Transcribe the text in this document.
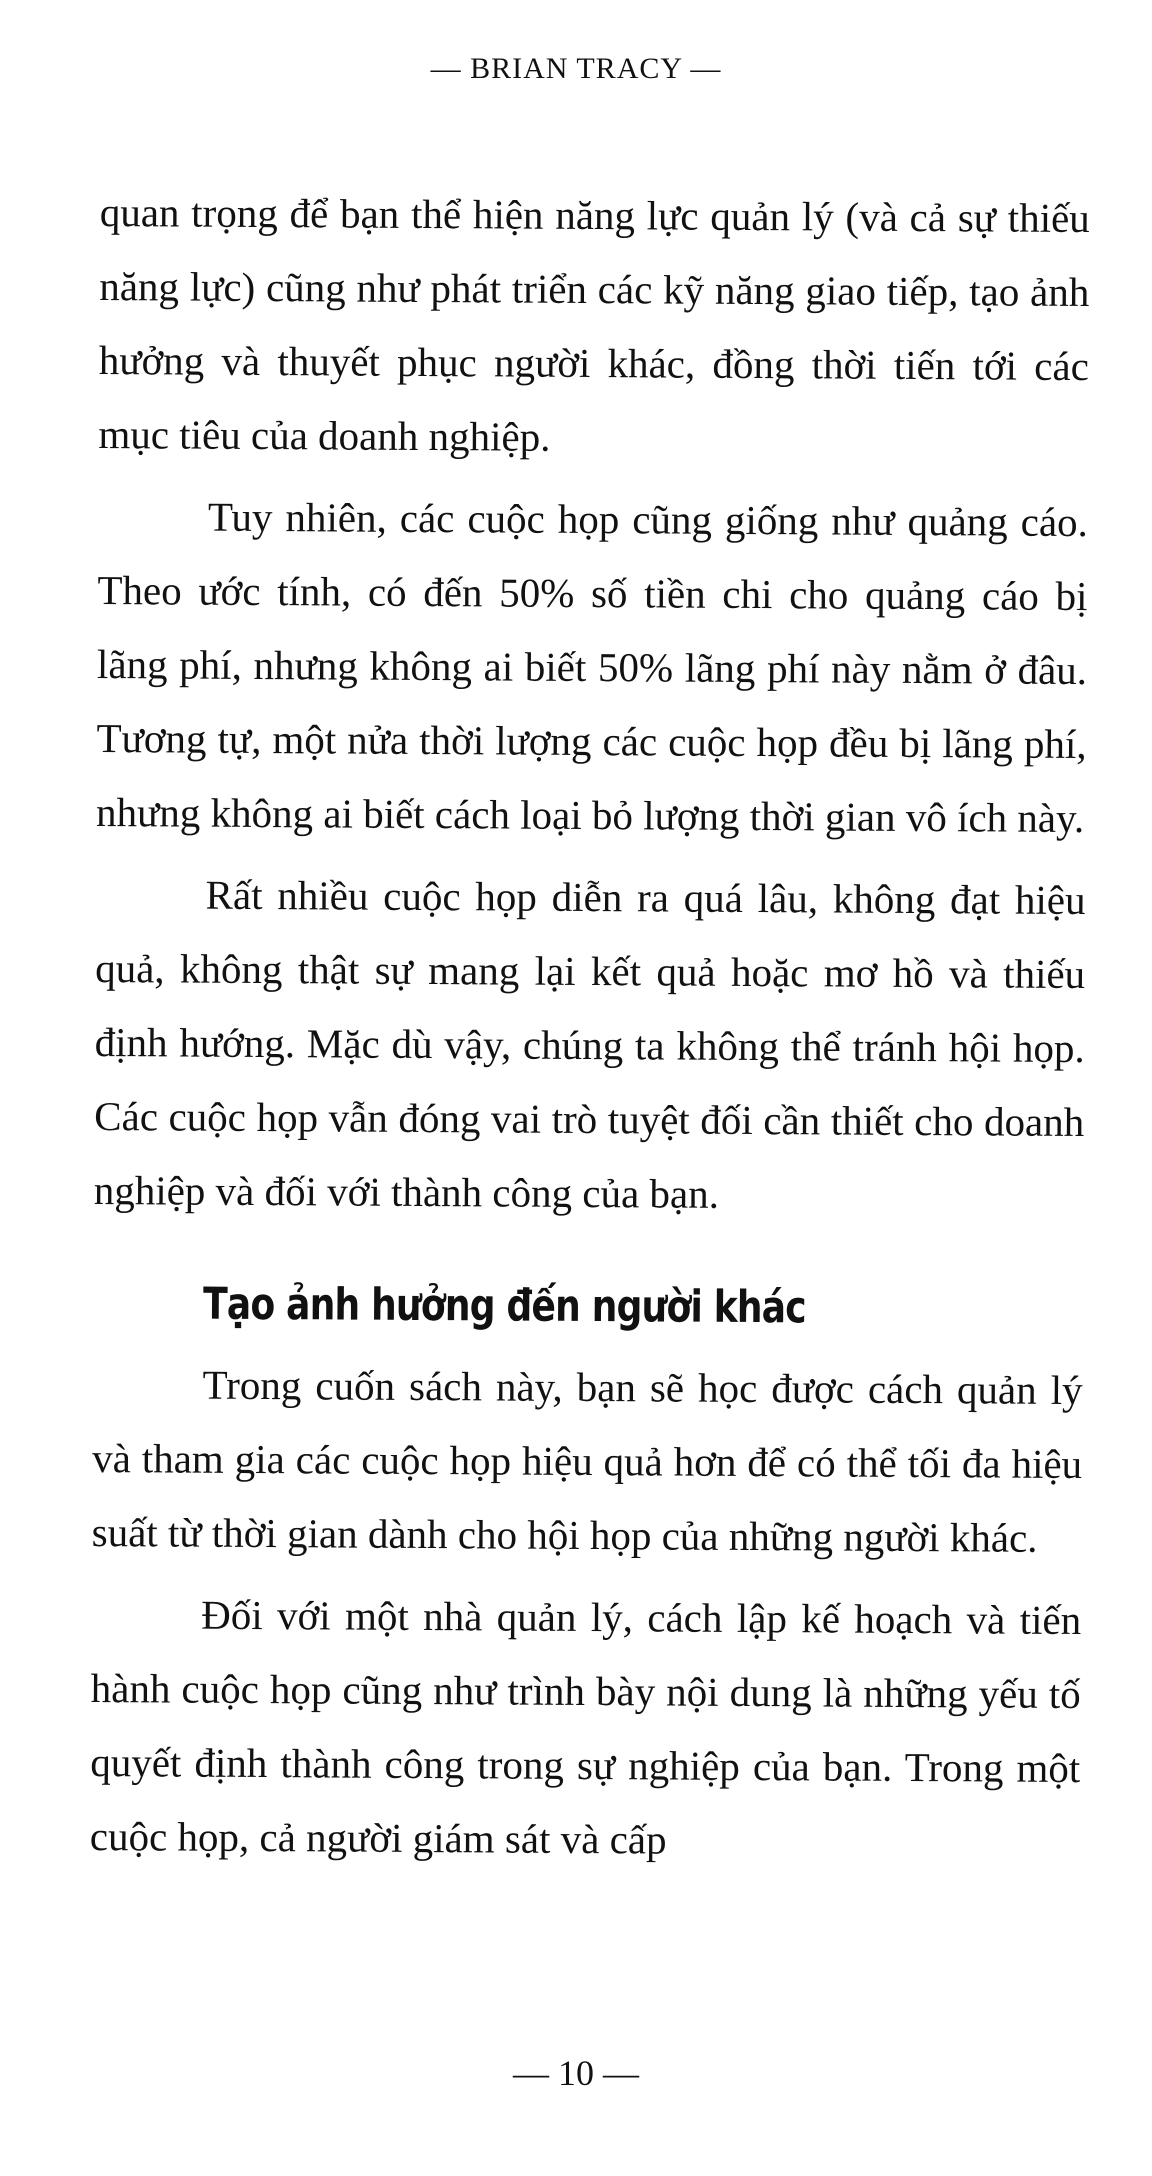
— BRIAN TRACY —

quan trọng để bạn thể hiện năng lực quản lý (và cả sự thiếu năng lực) cũng như phát triển các kỹ năng giao tiếp, tạo ảnh hưởng và thuyết phục người khác, đồng thời tiến tới các mục tiêu của doanh nghiệp.

Tuy nhiên, các cuộc họp cũng giống như quảng cáo. Theo ước tính, có đến 50% số tiền chi cho quảng cáo bị lãng phí, nhưng không ai biết 50% lãng phí này nằm ở đâu. Tương tự, một nửa thời lượng các cuộc họp đều bị lãng phí, nhưng không ai biết cách loại bỏ lượng thời gian vô ích này.

Rất nhiều cuộc họp diễn ra quá lâu, không đạt hiệu quả, không thật sự mang lại kết quả hoặc mơ hồ và thiếu định hướng. Mặc dù vậy, chúng ta không thể tránh hội họp. Các cuộc họp vẫn đóng vai trò tuyệt đối cần thiết cho doanh nghiệp và đối với thành công của bạn.

Tạo ảnh hưởng đến người khác

Trong cuốn sách này, bạn sẽ học được cách quản lý và tham gia các cuộc họp hiệu quả hơn để có thể tối đa hiệu suất từ thời gian dành cho hội họp của những người khác.

Đối với một nhà quản lý, cách lập kế hoạch và tiến hành cuộc họp cũng như trình bày nội dung là những yếu tố quyết định thành công trong sự nghiệp của bạn. Trong một cuộc họp, cả người giám sát và cấp

— 10 —
